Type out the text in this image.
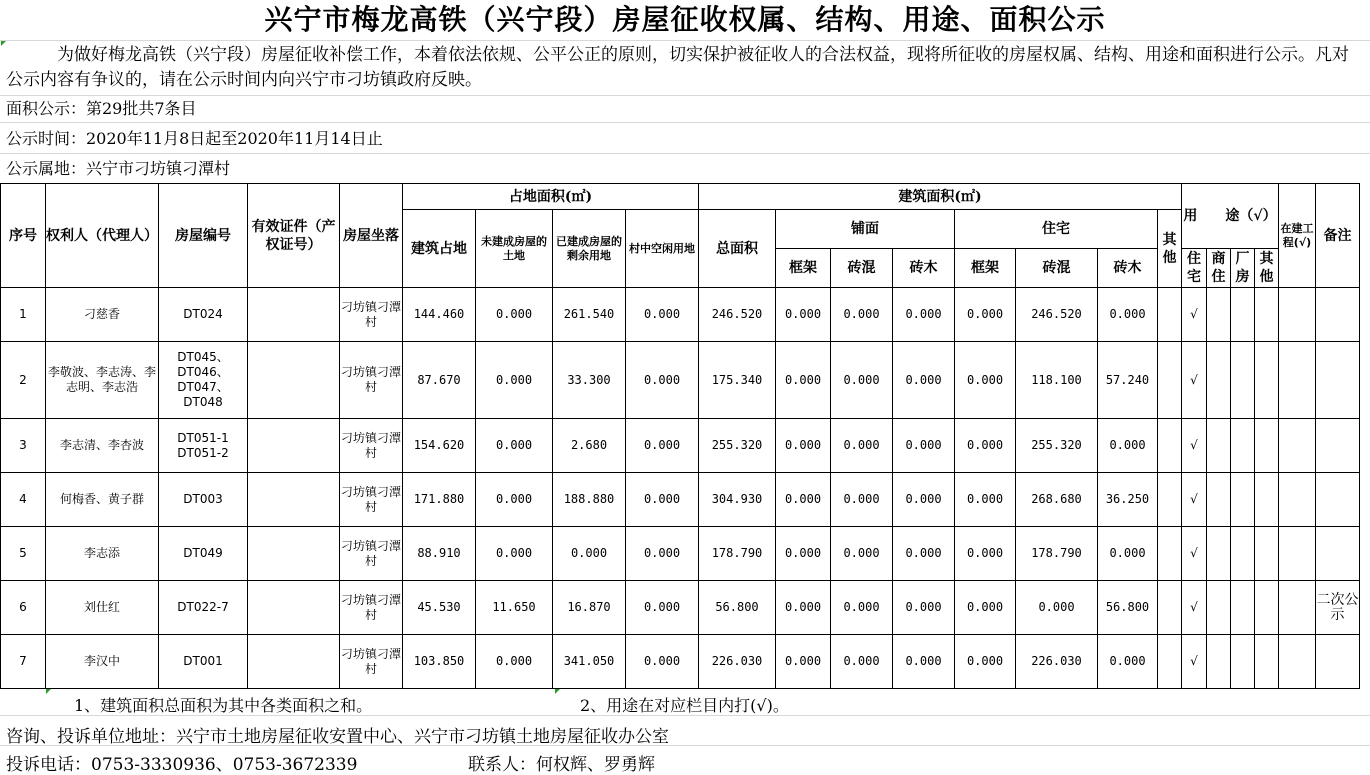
兴宁市梅龙高铁（兴宁段）房屋征收权属、结构、用途、面积公示
为做好梅龙高铁（兴宁段）房屋征收补偿工作，本着依法依规、公平公正的原则，切实保护被征收人的合法权益，现将所征收的房屋权属、结构、用途和面积进行公示。凡对公示内容有争议的，请在公示时间内向兴宁市刁坊镇政府反映。
面积公示：第29批共7条目
公示时间：2020年11月8日起至2020年11月14日止
公示属地：兴宁市刁坊镇刁潭村
序号	权利人（代理人）	房屋编号	有效证件（产权证号）	房屋坐落	占地面积(㎡)				建筑面积(㎡)								用　　途（√）				在建工程(√)	备注
					建筑占地	未建成房屋的土地	已建成房屋的剩余用地	村中空闲用地	总面积	铺面			住宅			其他						
										框架	砖混	砖木	框架	砖混	砖木		住宅	商住	厂房	其他		
1	刁慈香	DT024		刁坊镇刁潭村	144.460	0.000	261.540	0.000	246.520	0.000	0.000	0.000	0.000	246.520	0.000		√					
2	李敬波、李志涛、李志明、李志浩	DT045、DT046、DT047、DT048		刁坊镇刁潭村	87.670	0.000	33.300	0.000	175.340	0.000	0.000	0.000	0.000	118.100	57.240		√					
3	李志清、李杏波	DT051-1 DT051-2		刁坊镇刁潭村	154.620	0.000	2.680	0.000	255.320	0.000	0.000	0.000	0.000	255.320	0.000		√					
4	何梅香、黄子群	DT003		刁坊镇刁潭村	171.880	0.000	188.880	0.000	304.930	0.000	0.000	0.000	0.000	268.680	36.250		√					
5	李志添	DT049		刁坊镇刁潭村	88.910	0.000	0.000	0.000	178.790	0.000	0.000	0.000	0.000	178.790	0.000		√					
6	刘仕红	DT022-7		刁坊镇刁潭村	45.530	11.650	16.870	0.000	56.800	0.000	0.000	0.000	0.000	0.000	56.800		√					二次公示
7	李汉中	DT001		刁坊镇刁潭村	103.850	0.000	341.050	0.000	226.030	0.000	0.000	0.000	0.000	226.030	0.000		√					
1、建筑面积总面积为其中各类面积之和。	2、用途在对应栏目内打(√)。
咨询、投诉单位地址：兴宁市土地房屋征收安置中心、兴宁市刁坊镇土地房屋征收办公室
投诉电话：0753-3330936、0753-3672339	联系人：何权辉、罗勇辉
